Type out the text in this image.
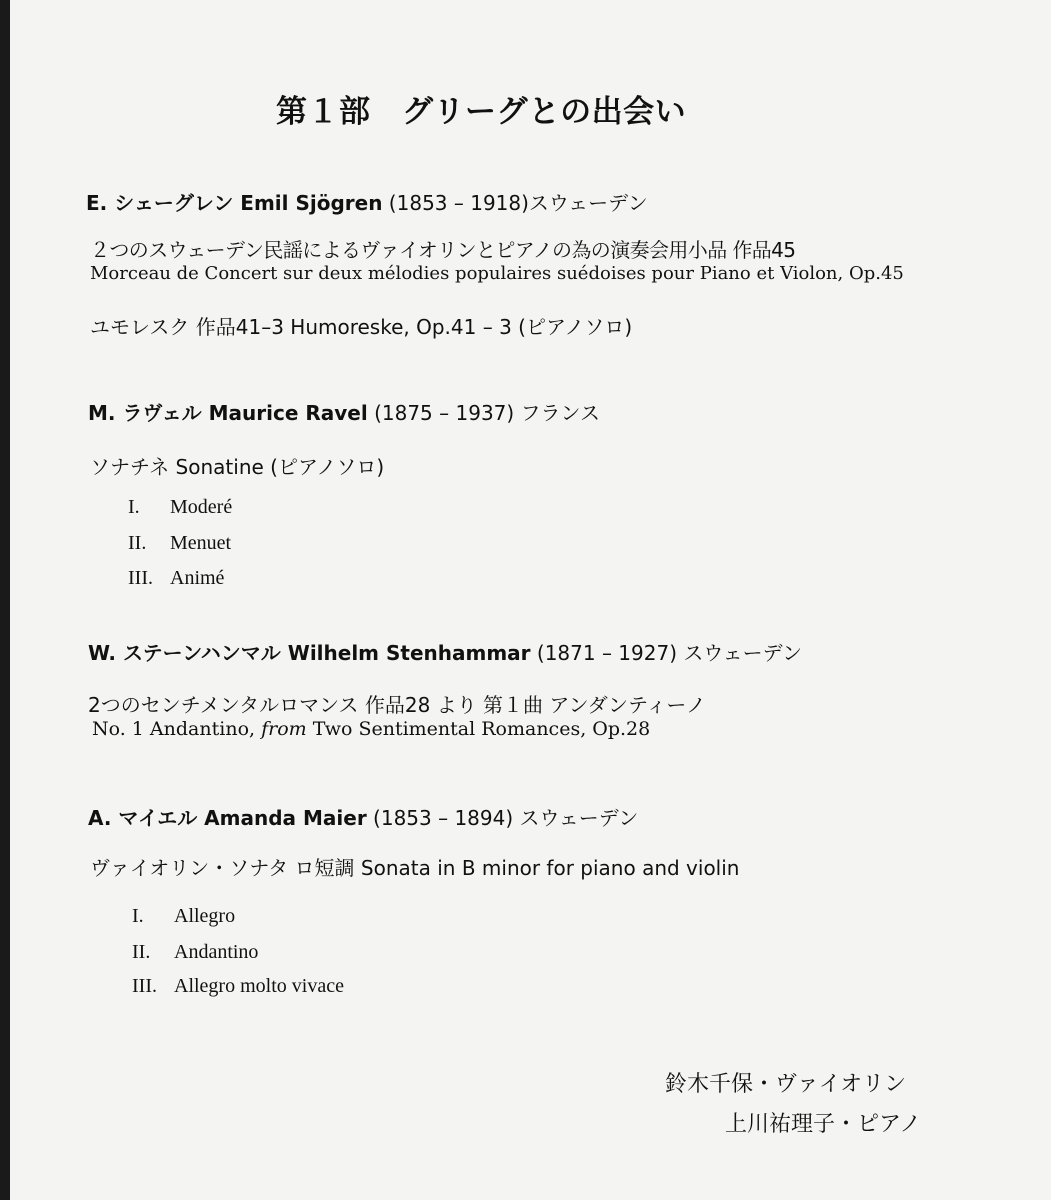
第１部　グリーグとの出会い
E. シェーグレン Emil Sjögren (1853 – 1918)スウェーデン
２つのスウェーデン民謡によるヴァイオリンとピアノの為の演奏会用小品 作品45
Morceau de Concert sur deux mélodies populaires suédoises pour Piano et Violon, Op.45
ユモレスク 作品41–3 Humoreske, Op.41 – 3 (ピアノソロ)
M. ラヴェル Maurice Ravel (1875 – 1937) フランス
ソナチネ Sonatine (ピアノソロ)
I. Moderé
II. Menuet
III. Animé
W. ステーンハンマル Wilhelm Stenhammar (1871 – 1927) スウェーデン
2つのセンチメンタルロマンス 作品28 より 第１曲 アンダンティーノ
No. 1 Andantino, from Two Sentimental Romances, Op.28
A. マイエル Amanda Maier (1853 – 1894) スウェーデン
ヴァイオリン・ソナタ ロ短調 Sonata in B minor for piano and violin
I. Allegro
II. Andantino
III. Allegro molto vivace
鈴木千保・ヴァイオリン
上川祐理子・ピアノ
